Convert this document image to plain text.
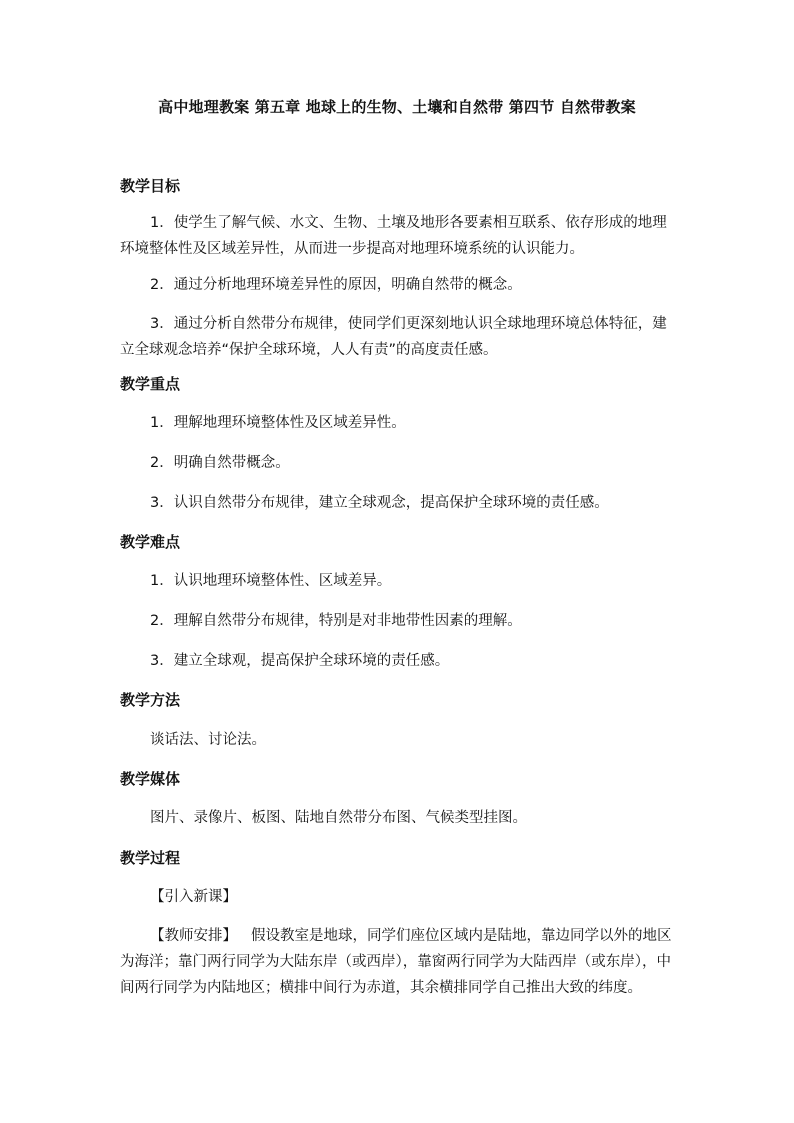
高中地理教案 第五章 地球上的生物、土壤和自然带 第四节 自然带教案
教学目标
1．使学生了解气候、水文、生物、土壤及地形各要素相互联系、依存形成的地理环境整体性及区域差异性，从而进一步提高对地理环境系统的认识能力。
2．通过分析地理环境差异性的原因，明确自然带的概念。
3．通过分析自然带分布规律，使同学们更深刻地认识全球地理环境总体特征，建立全球观念培养“保护全球环境，人人有责”的高度责任感。
教学重点
1．理解地理环境整体性及区域差异性。
2．明确自然带概念。
3．认识自然带分布规律，建立全球观念，提高保护全球环境的责任感。
教学难点
1．认识地理环境整体性、区域差异。
2．理解自然带分布规律，特别是对非地带性因素的理解。
3．建立全球观，提高保护全球环境的责任感。
教学方法
谈话法、讨论法。
教学媒体
图片、录像片、板图、陆地自然带分布图、气候类型挂图。
教学过程
【引入新课】
【教师安排】 假设教室是地球，同学们座位区域内是陆地，靠边同学以外的地区为海洋；靠门两行同学为大陆东岸（或西岸），靠窗两行同学为大陆西岸（或东岸），中间两行同学为内陆地区；横排中间行为赤道，其余横排同学自己推出大致的纬度。
